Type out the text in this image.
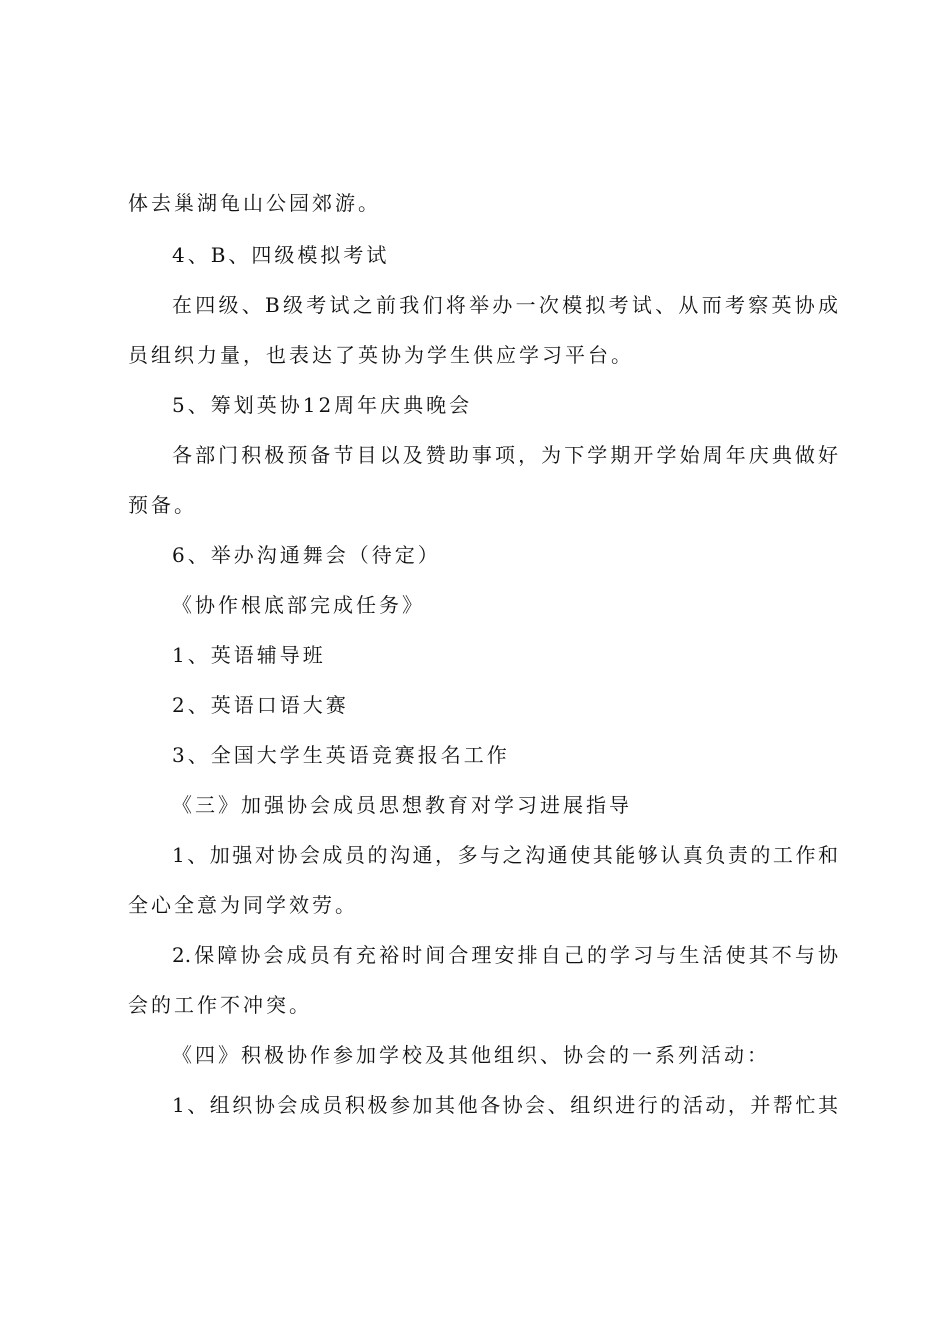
体去巢湖龟山公园郊游。
4、B、四级模拟考试
在四级、B级考试之前我们将举办一次模拟考试、从而考察英协成
员组织力量，也表达了英协为学生供应学习平台。
5、筹划英协12周年庆典晚会
各部门积极预备节目以及赞助事项，为下学期开学始周年庆典做好
预备。
6、举办沟通舞会（待定）
《协作根底部完成任务》
1、英语辅导班
2、英语口语大赛
3、全国大学生英语竞赛报名工作
《三》加强协会成员思想教育对学习进展指导
1、加强对协会成员的沟通，多与之沟通使其能够认真负责的工作和
全心全意为同学效劳。
2.保障协会成员有充裕时间合理安排自己的学习与生活使其不与协
会的工作不冲突。
《四》积极协作参加学校及其他组织、协会的一系列活动：
1、组织协会成员积极参加其他各协会、组织进行的活动，并帮忙其
